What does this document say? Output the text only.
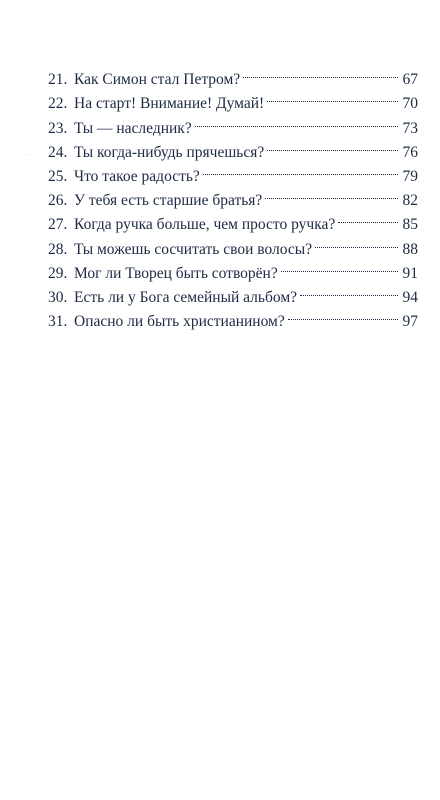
21. Как Симон стал Петром?	67
22. На старт! Внимание! Думай!	70
23. Ты — наследник?	73
24. Ты когда-нибудь прячешься?	76
25. Что такое радость?	79
26. У тебя есть старшие братья?	82
27. Когда ручка больше, чем просто ручка?	85
28. Ты можешь сосчитать свои волосы?	88
29. Мог ли Творец быть сотворён?	91
30. Есть ли у Бога семейный альбом?	94
31. Опасно ли быть христианином?	97
